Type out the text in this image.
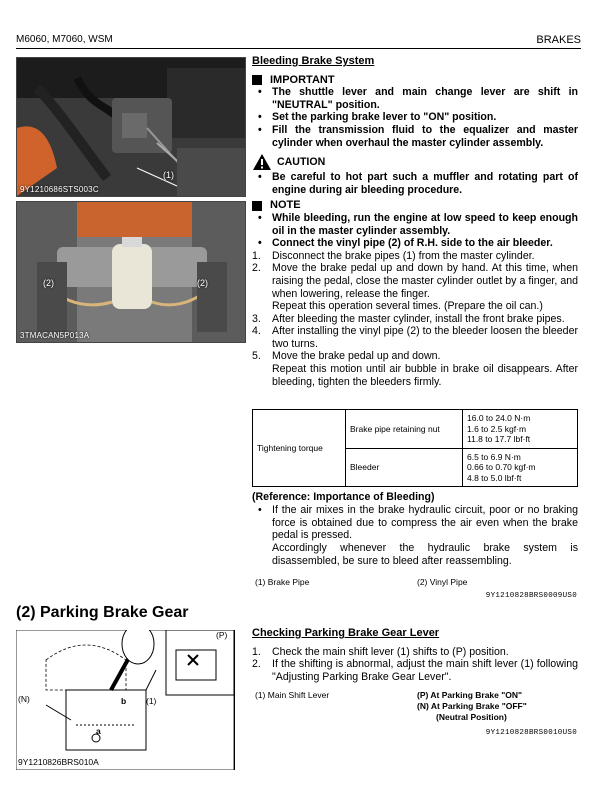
M6060, M7060, WSM	BRAKES
(1)
9Y1210686STS003C
(2)	(2)
3TMACAN5P013A
Bleeding Brake System
IMPORTANT
• The shuttle lever and main change lever are shift in "NEUTRAL" position.
• Set the parking brake lever to "ON" position.
• Fill the transmission fluid to the equalizer and master cylinder when overhaul the master cylinder assembly.
CAUTION
• Be careful to hot part such a muffler and rotating part of engine during air bleeding procedure.
NOTE
• While bleeding, run the engine at low speed to keep enough oil in the master cylinder assembly.
• Connect the vinyl pipe (2) of R.H. side to the air bleeder.
1. Disconnect the brake pipes (1) from the master cylinder.
2. Move the brake pedal up and down by hand. At this time, when raising the pedal, close the master cylinder outlet by a finger, and when lowering, release the finger.
Repeat this operation several times. (Prepare the oil can.)
3. After bleeding the master cylinder, install the front brake pipes.
4. After installing the vinyl pipe (2) to the bleeder loosen the bleeder two turns.
5. Move the brake pedal up and down.
Repeat this motion until air bubble in brake oil disappears. After bleeding, tighten the bleeders firmly.
Tightening torque	Brake pipe retaining nut	16.0 to 24.0 N·m
1.6 to 2.5 kgf·m
11.8 to 17.7 lbf·ft

	Bleeder	6.5 to 6.9 N·m
0.66 to 0.70 kgf·m
4.8 to 5.0 lbf·ft
(Reference: Importance of Bleeding)
• If the air mixes in the brake hydraulic circuit, poor or no braking force is obtained due to compress the air even when the brake pedal is pressed.
Accordingly whenever the hydraulic brake system is disassembled, be sure to bleed after reassembling.
(1) Brake Pipe	(2) Vinyl Pipe
9Y1210828BRS0009US0
(2) Parking Brake Gear
(P)
(N)	b
a
(1)
9Y1210826BRS010A
Checking Parking Brake Gear Lever
1. Check the main shift lever (1) shifts to (P) position.
2. If the shifting is abnormal, adjust the main shift lever (1) following "Adjusting Parking Brake Gear Lever".
(1) Main Shift Lever	(P) At Parking Brake "ON"
(N) At Parking Brake "OFF"
(Neutral Position)
9Y1210828BRS0010US0
